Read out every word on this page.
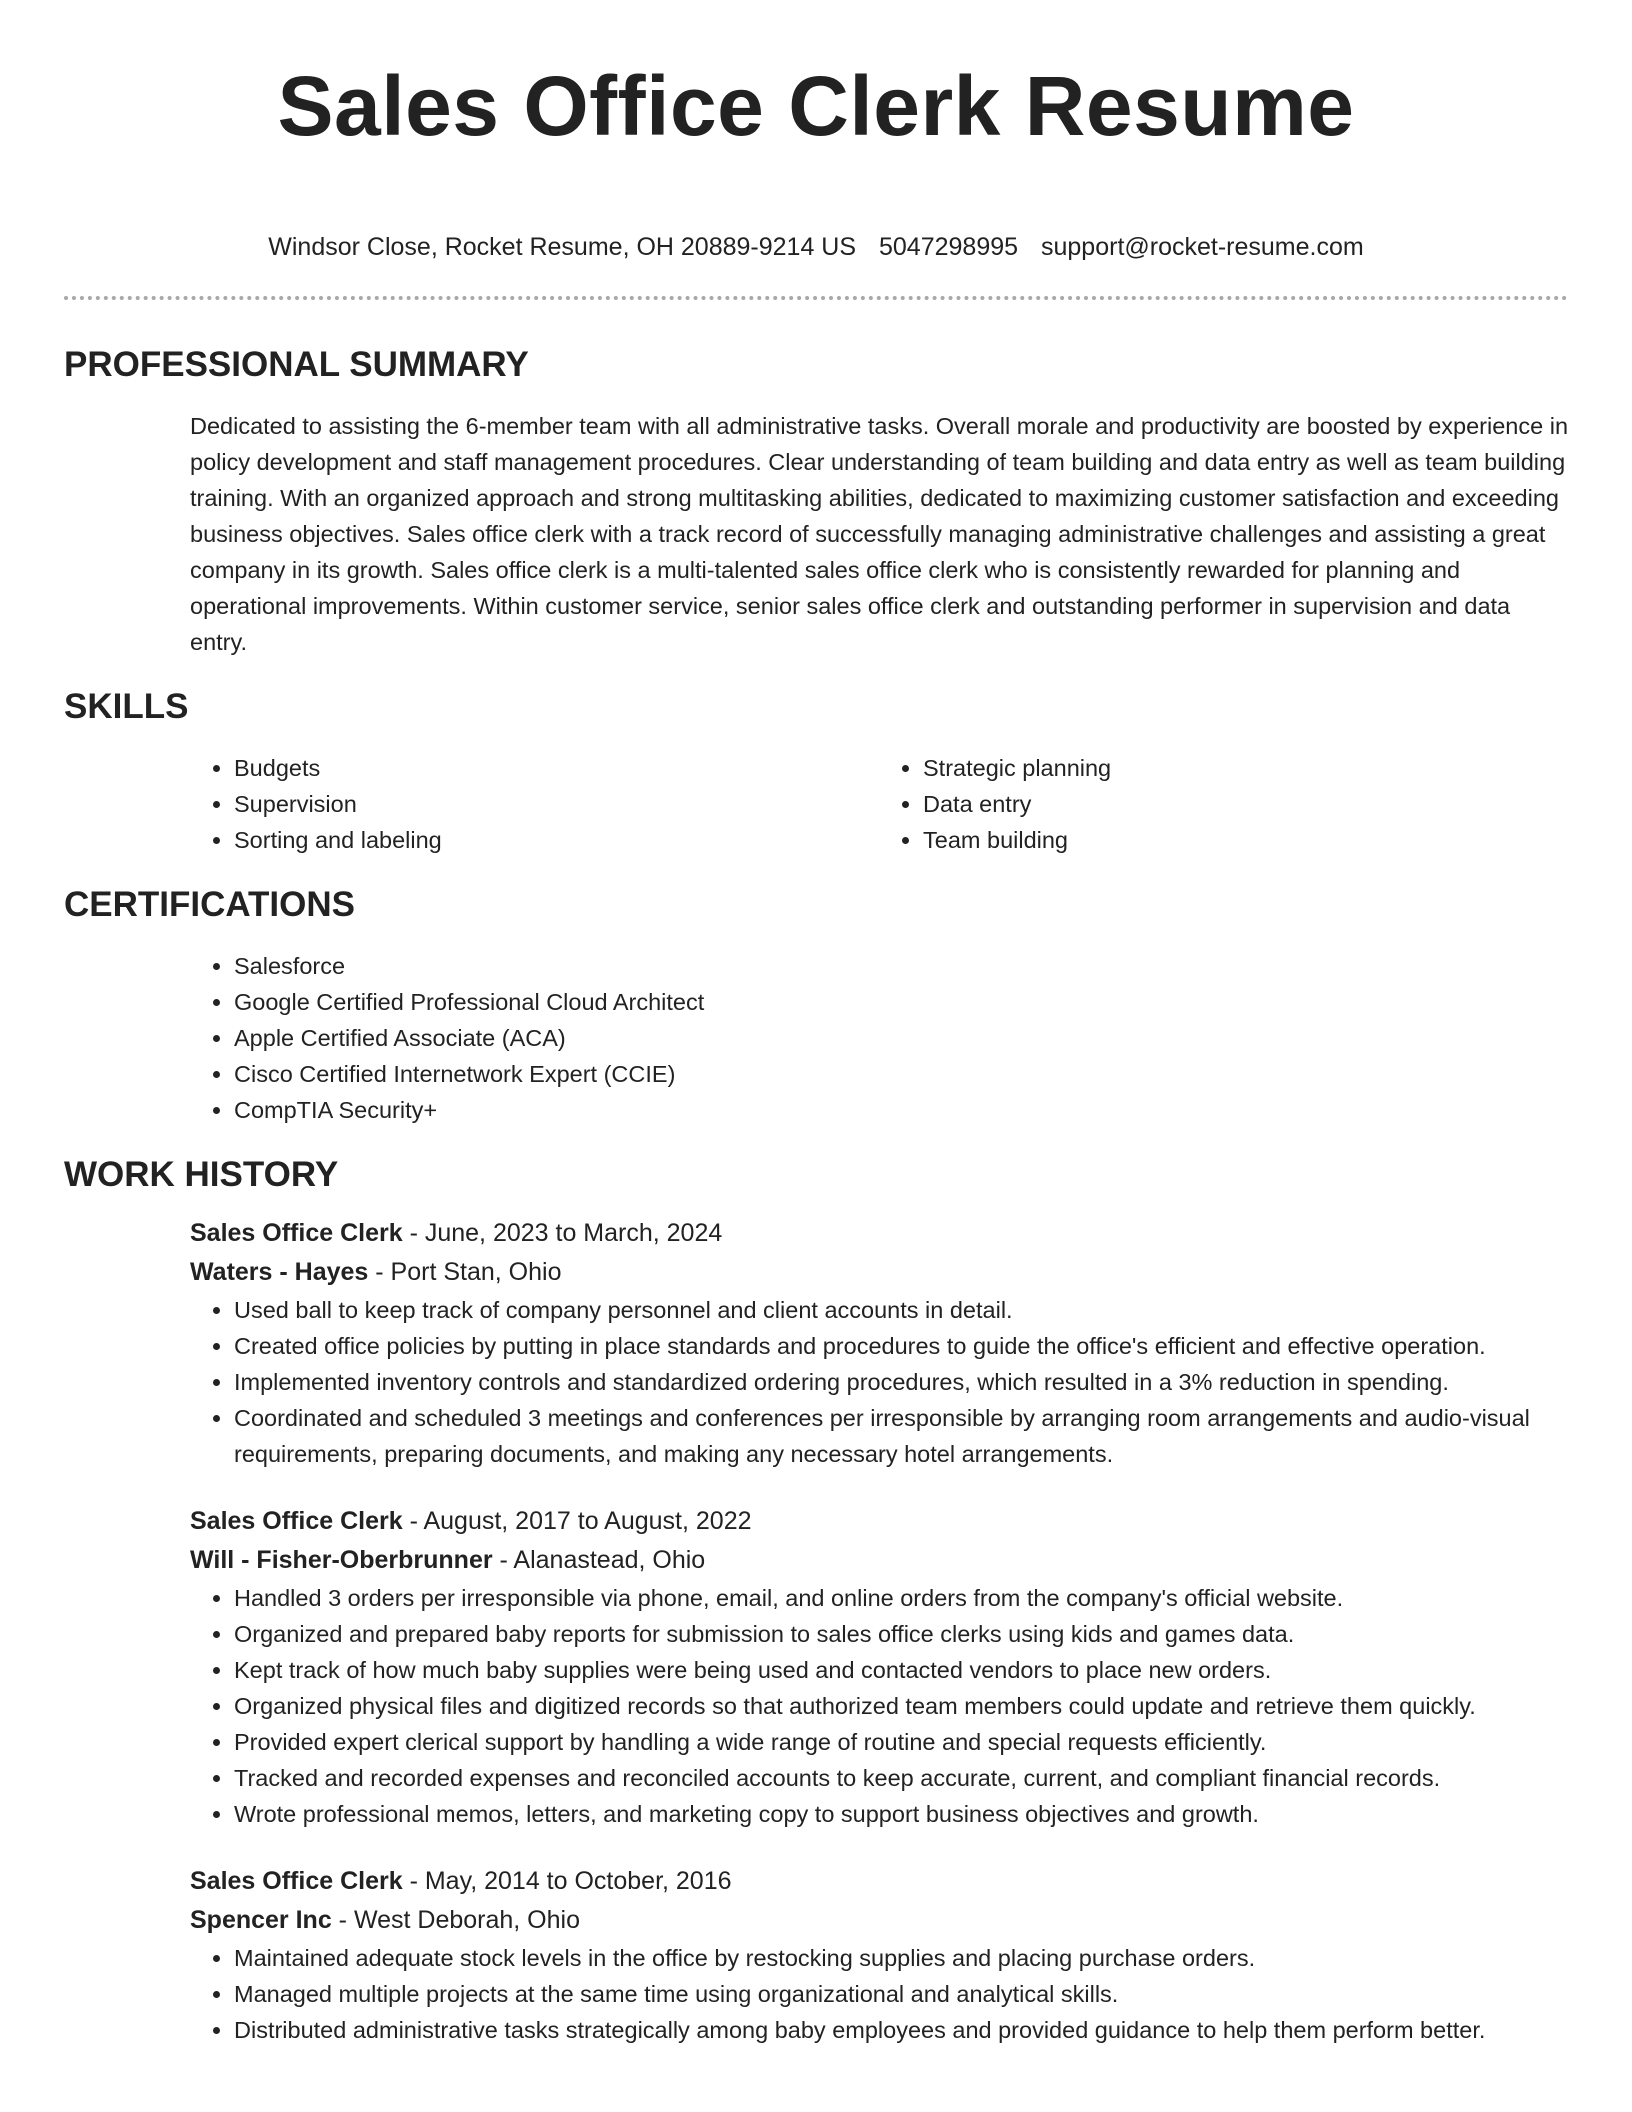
Sales Office Clerk Resume
Windsor Close, Rocket Resume, OH 20889-9214 US 5047298995 support@rocket-resume.com
PROFESSIONAL SUMMARY
Dedicated to assisting the 6-member team with all administrative tasks. Overall morale and productivity are boosted by experience in policy development and staff management procedures. Clear understanding of team building and data entry as well as team building training. With an organized approach and strong multitasking abilities, dedicated to maximizing customer satisfaction and exceeding business objectives. Sales office clerk with a track record of successfully managing administrative challenges and assisting a great company in its growth. Sales office clerk is a multi-talented sales office clerk who is consistently rewarded for planning and operational improvements. Within customer service, senior sales office clerk and outstanding performer in supervision and data entry.
SKILLS
• Budgets
• Supervision
• Sorting and labeling
• Strategic planning
• Data entry
• Team building
CERTIFICATIONS
• Salesforce
• Google Certified Professional Cloud Architect
• Apple Certified Associate (ACA)
• Cisco Certified Internetwork Expert (CCIE)
• CompTIA Security+
WORK HISTORY
Sales Office Clerk - June, 2023 to March, 2024
Waters - Hayes - Port Stan, Ohio
• Used ball to keep track of company personnel and client accounts in detail.
• Created office policies by putting in place standards and procedures to guide the office's efficient and effective operation.
• Implemented inventory controls and standardized ordering procedures, which resulted in a 3% reduction in spending.
• Coordinated and scheduled 3 meetings and conferences per irresponsible by arranging room arrangements and audio-visual requirements, preparing documents, and making any necessary hotel arrangements.
Sales Office Clerk - August, 2017 to August, 2022
Will - Fisher-Oberbrunner - Alanastead, Ohio
• Handled 3 orders per irresponsible via phone, email, and online orders from the company's official website.
• Organized and prepared baby reports for submission to sales office clerks using kids and games data.
• Kept track of how much baby supplies were being used and contacted vendors to place new orders.
• Organized physical files and digitized records so that authorized team members could update and retrieve them quickly.
• Provided expert clerical support by handling a wide range of routine and special requests efficiently.
• Tracked and recorded expenses and reconciled accounts to keep accurate, current, and compliant financial records.
• Wrote professional memos, letters, and marketing copy to support business objectives and growth.
Sales Office Clerk - May, 2014 to October, 2016
Spencer Inc - West Deborah, Ohio
• Maintained adequate stock levels in the office by restocking supplies and placing purchase orders.
• Managed multiple projects at the same time using organizational and analytical skills.
• Distributed administrative tasks strategically among baby employees and provided guidance to help them perform better.
